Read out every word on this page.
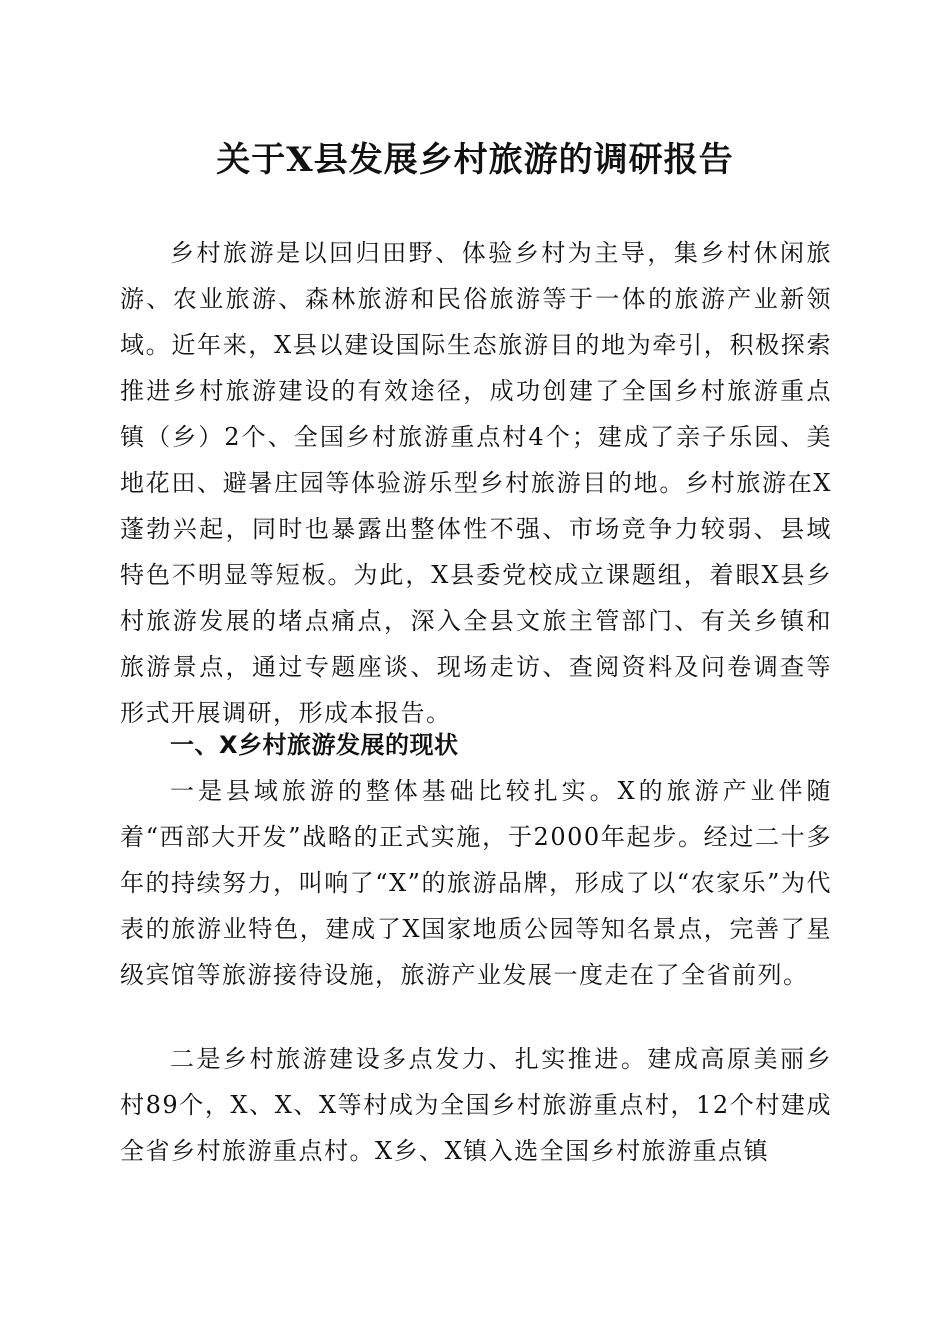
关于X县发展乡村旅游的调研报告

乡村旅游是以回归田野、体验乡村为主导，集乡村休闲旅游、农业旅游、森林旅游和民俗旅游等于一体的旅游产业新领域。近年来，X县以建设国际生态旅游目的地为牵引，积极探索推进乡村旅游建设的有效途径，成功创建了全国乡村旅游重点镇（乡）2个、全国乡村旅游重点村4个；建成了亲子乐园、美地花田、避暑庄园等体验游乐型乡村旅游目的地。乡村旅游在X蓬勃兴起，同时也暴露出整体性不强、市场竞争力较弱、县域特色不明显等短板。为此，X县委党校成立课题组，着眼X县乡村旅游发展的堵点痛点，深入全县文旅主管部门、有关乡镇和旅游景点，通过专题座谈、现场走访、查阅资料及问卷调查等形式开展调研，形成本报告。

一、X乡村旅游发展的现状

一是县域旅游的整体基础比较扎实。X的旅游产业伴随着“西部大开发”战略的正式实施，于2000年起步。经过二十多年的持续努力，叫响了“X”的旅游品牌，形成了以“农家乐”为代表的旅游业特色，建成了X国家地质公园等知名景点，完善了星级宾馆等旅游接待设施，旅游产业发展一度走在了全省前列。

二是乡村旅游建设多点发力、扎实推进。建成高原美丽乡村89个，X、X、X等村成为全国乡村旅游重点村，12个村建成全省乡村旅游重点村。X乡、X镇入选全国乡村旅游重点镇
